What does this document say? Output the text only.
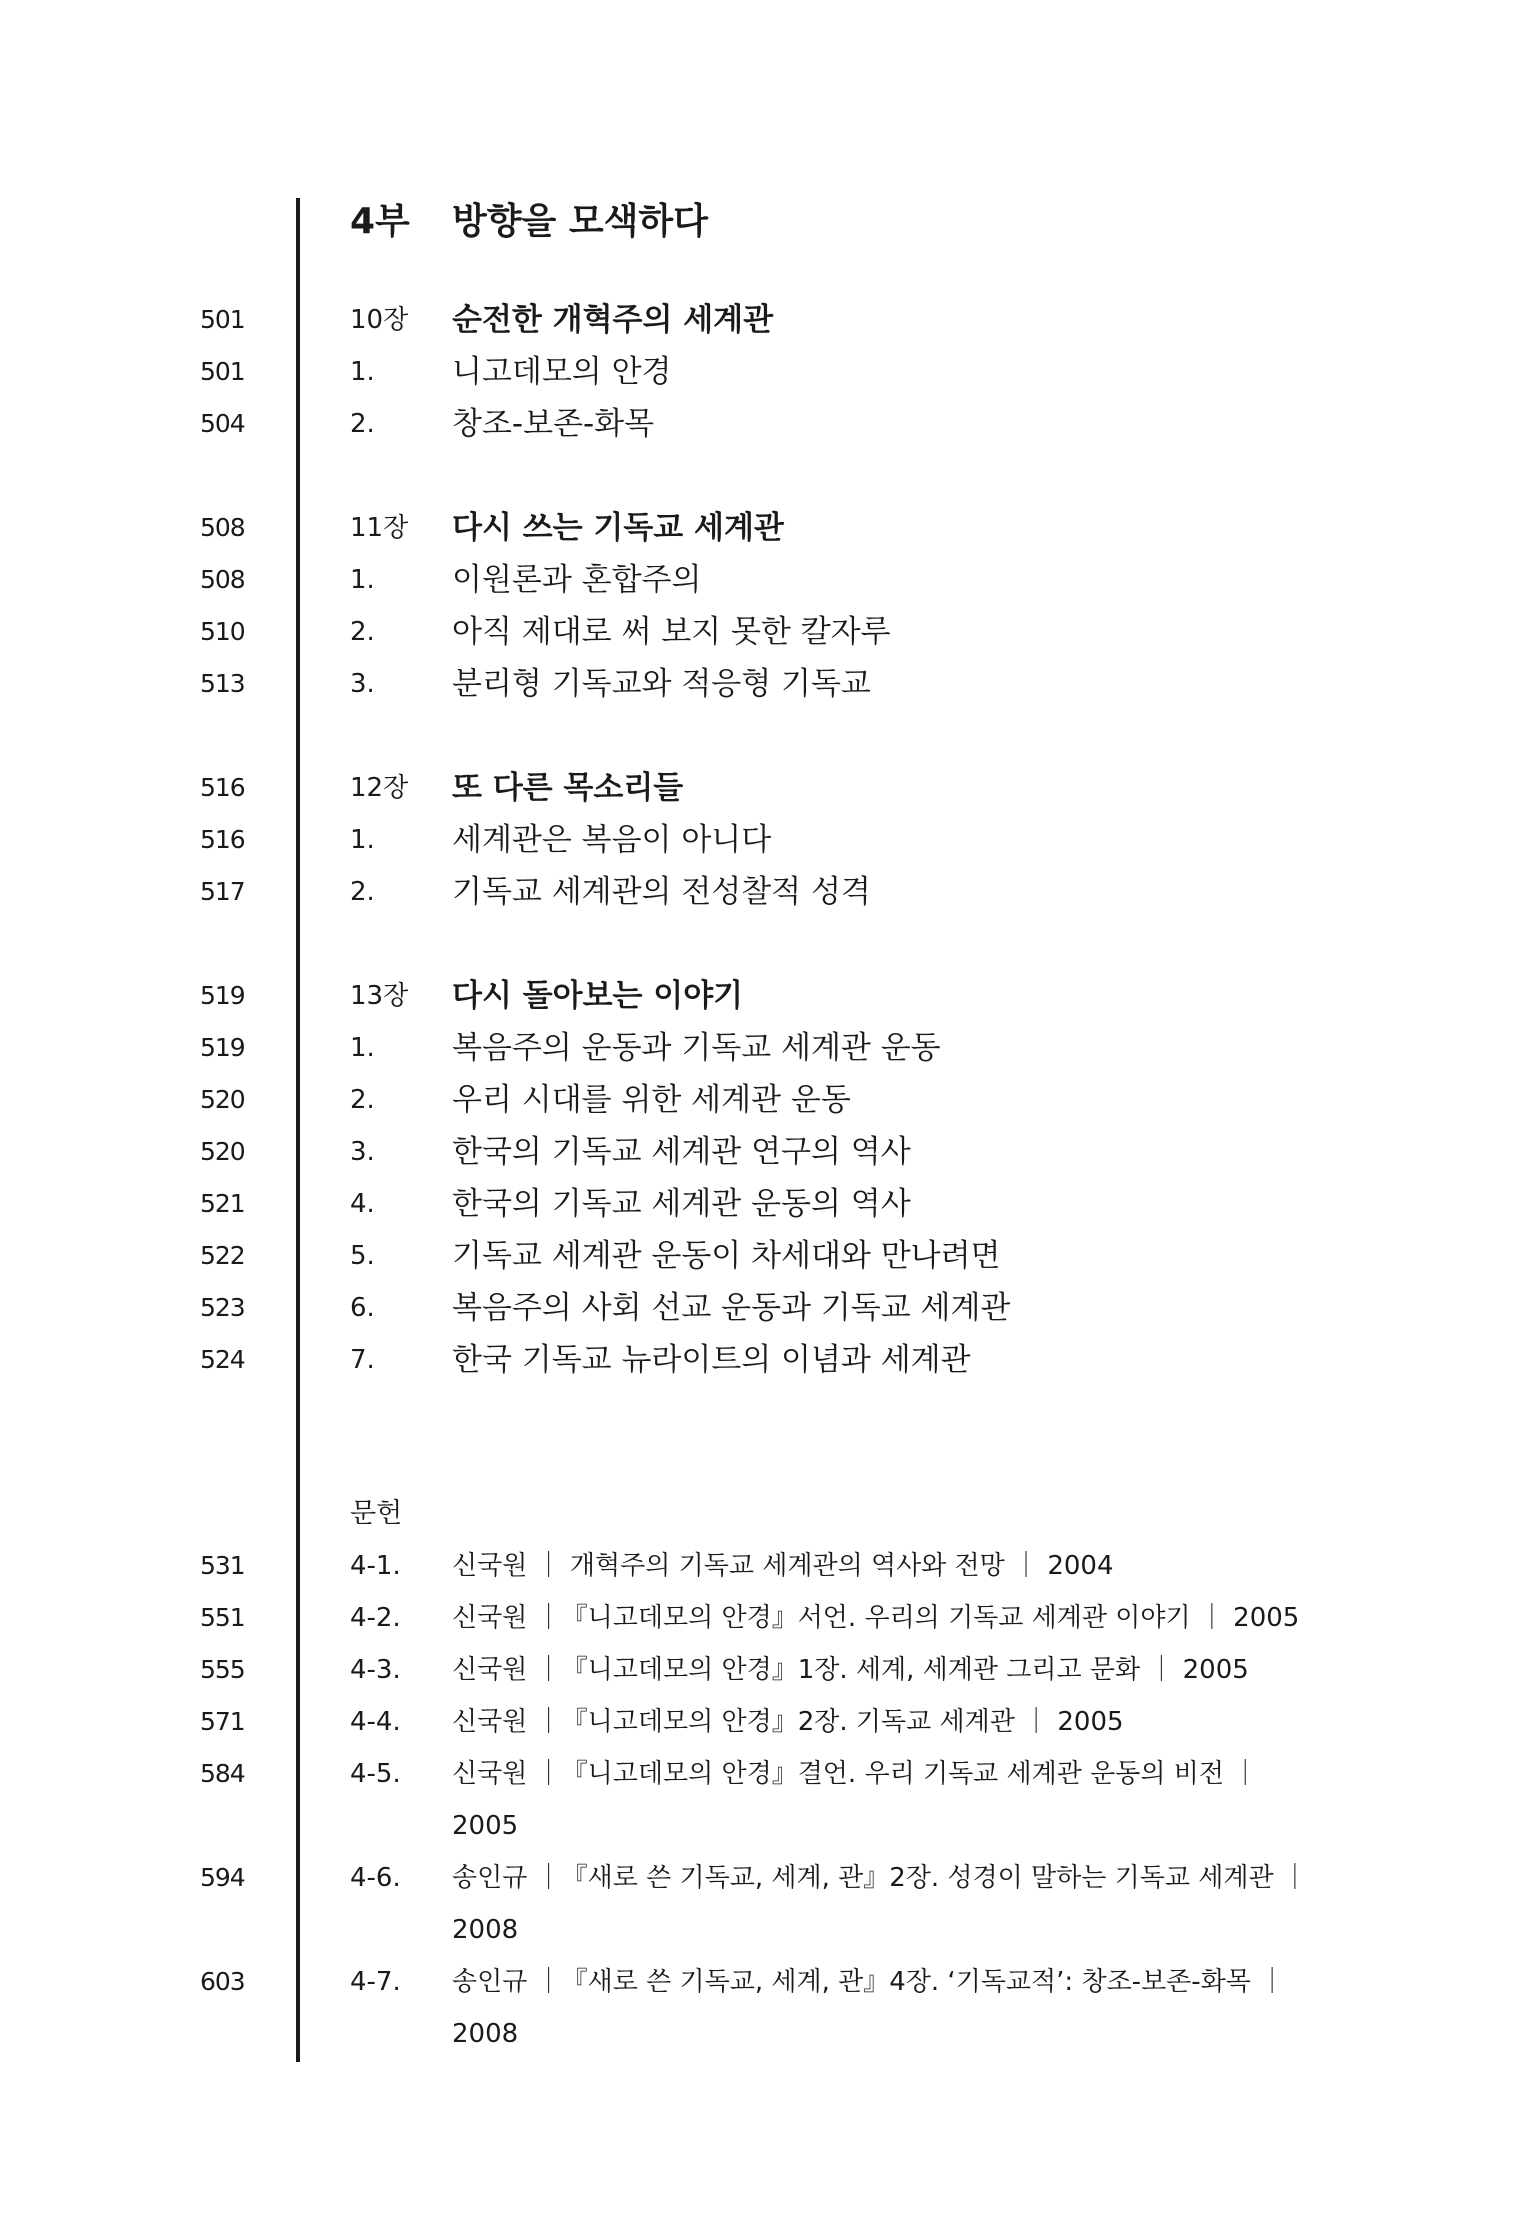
4부 방향을 모색하다
501	10장 순전한 개혁주의 세계관
501	1. 니고데모의 안경
504	2. 창조-보존-화목
508	11장 다시 쓰는 기독교 세계관
508	1. 이원론과 혼합주의
510	2. 아직 제대로 써 보지 못한 칼자루
513	3. 분리형 기독교와 적응형 기독교
516	12장 또 다른 목소리들
516	1. 세계관은 복음이 아니다
517	2. 기독교 세계관의 전성찰적 성격
519	13장 다시 돌아보는 이야기
519	1. 복음주의 운동과 기독교 세계관 운동
520	2. 우리 시대를 위한 세계관 운동
520	3. 한국의 기독교 세계관 연구의 역사
521	4. 한국의 기독교 세계관 운동의 역사
522	5. 기독교 세계관 운동이 차세대와 만나려면
523	6. 복음주의 사회 선교 운동과 기독교 세계관
524	7. 한국 기독교 뉴라이트의 이념과 세계관
문헌
531	4-1. 신국원 ｜ 개혁주의 기독교 세계관의 역사와 전망 ｜ 2004
551	4-2. 신국원 ｜『니고데모의 안경』서언. 우리의 기독교 세계관 이야기 ｜ 2005
555	4-3. 신국원 ｜『니고데모의 안경』1장. 세계, 세계관 그리고 문화 ｜ 2005
571	4-4. 신국원 ｜『니고데모의 안경』2장. 기독교 세계관 ｜ 2005
584	4-5. 신국원 ｜『니고데모의 안경』결언. 우리 기독교 세계관 운동의 비전 ｜
2005
594	4-6. 송인규 ｜『새로 쓴 기독교, 세계, 관』2장. 성경이 말하는 기독교 세계관 ｜
2008
603	4-7. 송인규 ｜『새로 쓴 기독교, 세계, 관』4장. ‘기독교적’: 창조-보존-화목 ｜
2008
